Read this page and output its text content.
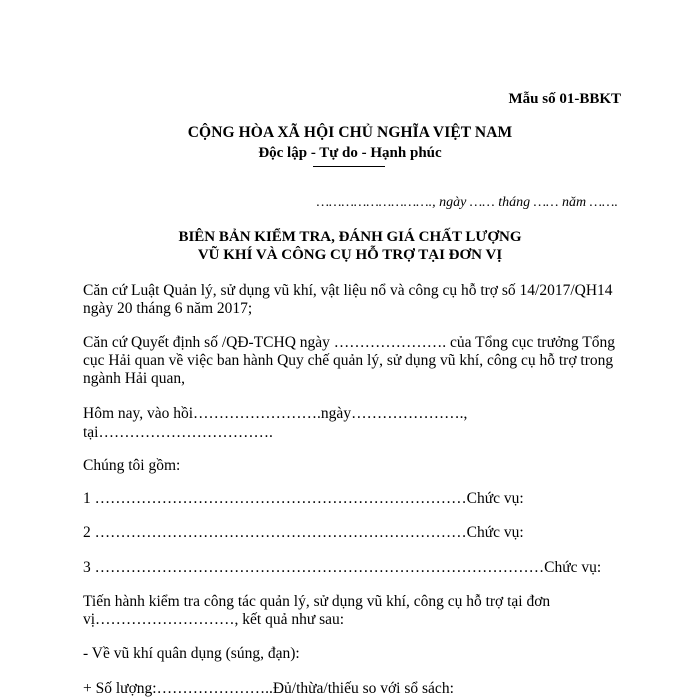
Mẫu số 01-BBKT
CỘNG HÒA XÃ HỘI CHỦ NGHĨA VIỆT NAM
Độc lập - Tự do - Hạnh phúc
………………………., ngày …… tháng …… năm …….
BIÊN BẢN KIỂM TRA, ĐÁNH GIÁ CHẤT LƯỢNG
VŨ KHÍ VÀ CÔNG CỤ HỖ TRỢ TẠI ĐƠN VỊ
Căn cứ Luật Quản lý, sử dụng vũ khí, vật liệu nổ và công cụ hỗ trợ số 14/2017/QH14
ngày 20 tháng 6 năm 2017;
Căn cứ Quyết định số /QĐ-TCHQ ngày …………………. của Tổng cục trưởng Tổng
cục Hải quan về việc ban hành Quy chế quản lý, sử dụng vũ khí, công cụ hỗ trợ trong
ngành Hải quan,
Hôm nay, vào hồi…………………….ngày………………….,
tại…………………………….
Chúng tôi gồm:
1 ………………………………………………………………Chức vụ:
2 ………………………………………………………………Chức vụ:
3 ……………………………………………………………………………Chức vụ:
Tiến hành kiểm tra công tác quản lý, sử dụng vũ khí, công cụ hỗ trợ tại đơn
vị………………………, kết quả như sau:
- Về vũ khí quân dụng (súng, đạn):
+ Số lượng:…………………..Đủ/thừa/thiếu so với sổ sách:
